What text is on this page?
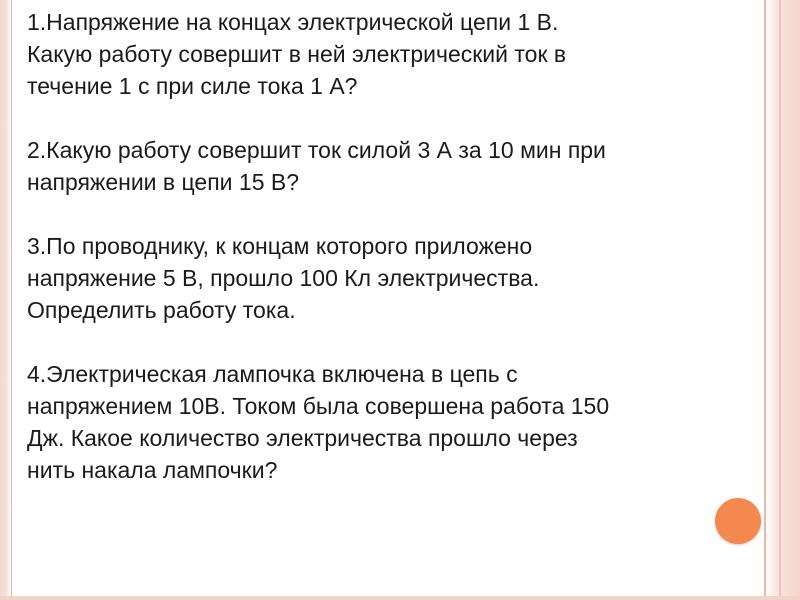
1.Напряжение на концах электрической цепи 1 В.
Какую работу совершит в ней электрический ток в
течение 1 с при силе тока 1 А?
2.Какую работу совершит ток силой 3 А за 10 мин при
напряжении в цепи 15 В?
3.По проводнику, к концам которого приложено
напряжение 5 В, прошло 100 Кл электричества.
Определить работу тока.
4.Электрическая лампочка включена в цепь с
напряжением 10В. Током была совершена работа 150
Дж. Какое количество электричества прошло через
нить накала лампочки?
